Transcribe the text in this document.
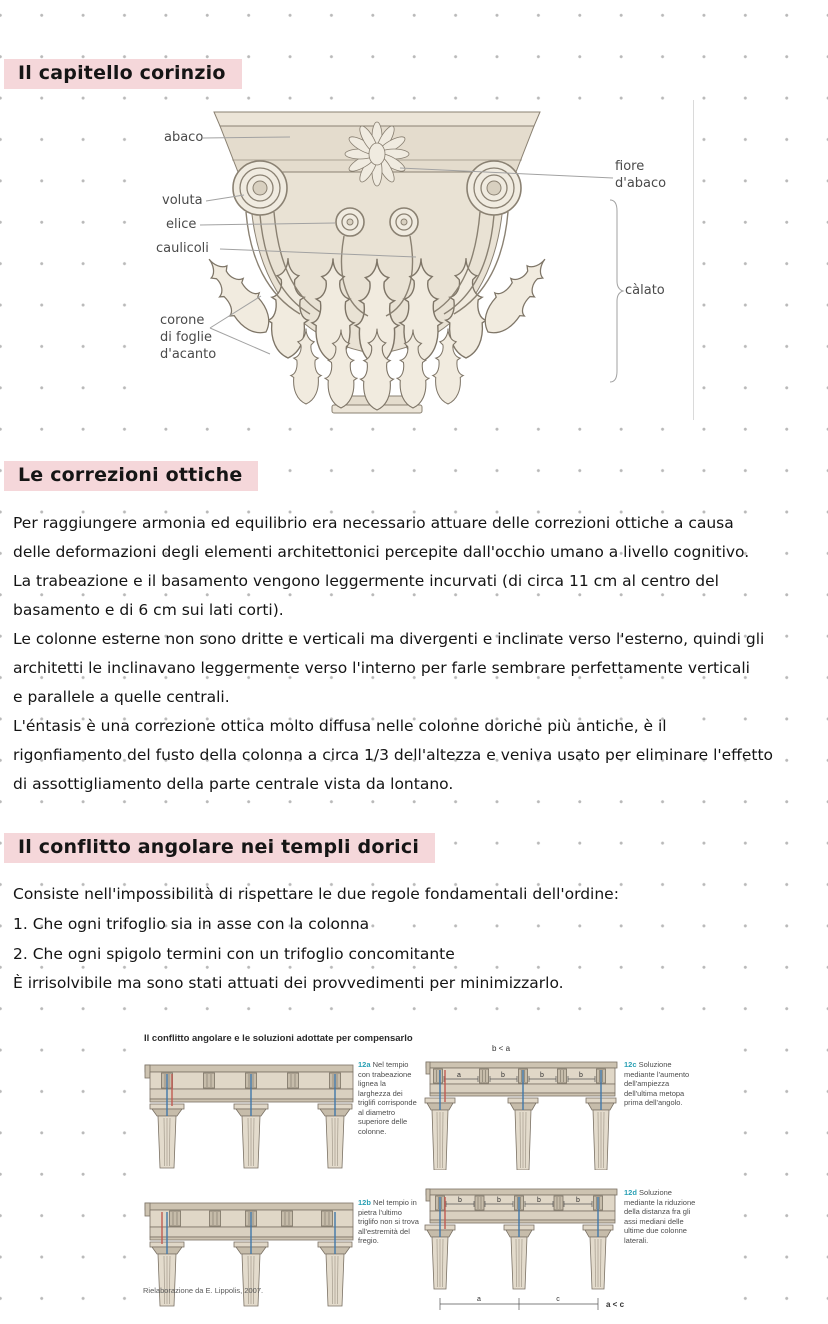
Il capitello corinzio
abaco
voluta
elice
caulicoli
corone
di foglie
d'acanto
fiore
d'abaco
càlato
Le correzioni ottiche
Per raggiungere armonia ed equilibrio era necessario attuare delle correzioni ottiche a causa
delle deformazioni degli elementi architettonici percepite dall'occhio umano a livello cognitivo.
La trabeazione e il basamento vengono leggermente incurvati (di circa 11 cm al centro del
basamento e di 6 cm sui lati corti).
Le colonne esterne non sono dritte e verticali ma divergenti e inclinate verso l'esterno, quindi gli
architetti le inclinavano leggermente verso l'interno per farle sembrare perfettamente verticali
e parallele a quelle centrali.
L'éntasis è una correzione ottica molto diffusa nelle colonne doriche più antiche, è il
rigonfiamento del fusto della colonna a circa 1/3 dell'altezza e veniva usato per eliminare l'effetto
di assottigliamento della parte centrale vista da lontano.
Il conflitto angolare nei templi dorici
Consiste nell'impossibilità di rispettare le due regole fondamentali dell'ordine:
1. Che ogni trifoglio sia in asse con la colonna
2. Che ogni spigolo termini con un trifoglio concomitante
È irrisolvibile ma sono stati attuati dei provvedimenti per minimizzarlo.
Il conflitto angolare e le soluzioni adottate per compensarlo
b < a
12a Nel tempio con trabeazione lignea la larghezza dei triglifi corrisponde al diametro superiore delle colonne.
a	b	b	b
12c Soluzione mediante l'aumento dell'ampiezza dell'ultima metopa prima dell'angolo.
12b Nel tempio in pietra l'ultimo triglifo non si trova all'estremità del fregio.
b	b	b	b
a	c
12d Soluzione mediante la riduzione della distanza fra gli assi mediani delle ultime due colonne laterali.
a < c
Rielaborazione da E. Lippolis, 2007.
